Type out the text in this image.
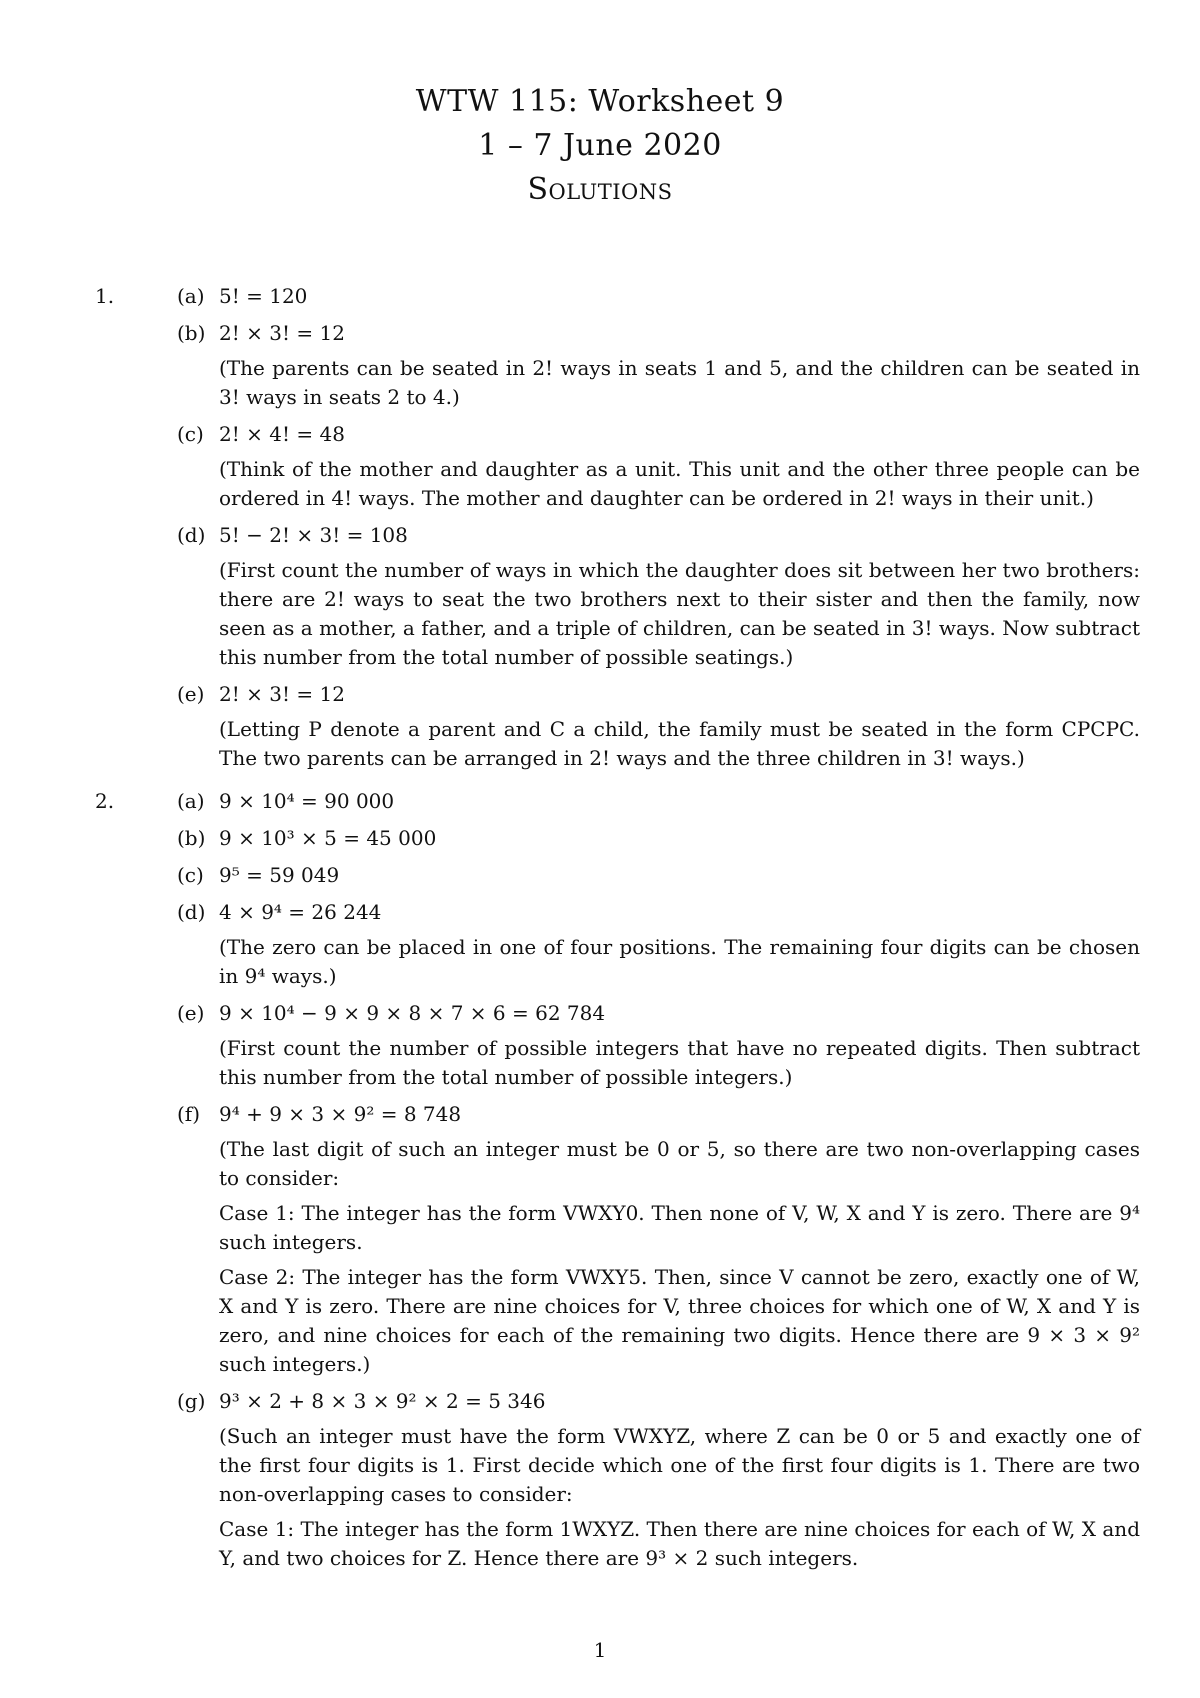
WTW 115: Worksheet 9
1 – 7 June 2020
Solutions
1.	(a) 5! = 120
(b) 2! × 3! = 12
(The parents can be seated in 2! ways in seats 1 and 5, and the children can be seated in 3! ways in seats 2 to 4.)
(c) 2! × 4! = 48
(Think of the mother and daughter as a unit. This unit and the other three people can be ordered in 4! ways. The mother and daughter can be ordered in 2! ways in their unit.)
(d) 5! − 2! × 3! = 108
(First count the number of ways in which the daughter does sit between her two brothers: there are 2! ways to seat the two brothers next to their sister and then the family, now seen as a mother, a father, and a triple of children, can be seated in 3! ways. Now subtract this number from the total number of possible seatings.)
(e) 2! × 3! = 12
(Letting P denote a parent and C a child, the family must be seated in the form CPCPC. The two parents can be arranged in 2! ways and the three children in 3! ways.)
2.	(a) 9 × 10⁴ = 90 000
(b) 9 × 10³ × 5 = 45 000
(c) 9⁵ = 59 049
(d) 4 × 9⁴ = 26 244
(The zero can be placed in one of four positions. The remaining four digits can be chosen in 9⁴ ways.)
(e) 9 × 10⁴ − 9 × 9 × 8 × 7 × 6 = 62 784
(First count the number of possible integers that have no repeated digits. Then subtract this number from the total number of possible integers.)
(f) 9⁴ + 9 × 3 × 9² = 8 748
(The last digit of such an integer must be 0 or 5, so there are two non-overlapping cases to consider:
Case 1: The integer has the form VWXY0. Then none of V, W, X and Y is zero. There are 9⁴ such integers.
Case 2: The integer has the form VWXY5. Then, since V cannot be zero, exactly one of W, X and Y is zero. There are nine choices for V, three choices for which one of W, X and Y is zero, and nine choices for each of the remaining two digits. Hence there are 9 × 3 × 9² such integers.)
(g) 9³ × 2 + 8 × 3 × 9² × 2 = 5 346
(Such an integer must have the form VWXYZ, where Z can be 0 or 5 and exactly one of the first four digits is 1. First decide which one of the first four digits is 1. There are two non-overlapping cases to consider:
Case 1: The integer has the form 1WXYZ. Then there are nine choices for each of W, X and Y, and two choices for Z. Hence there are 9³ × 2 such integers.
1
